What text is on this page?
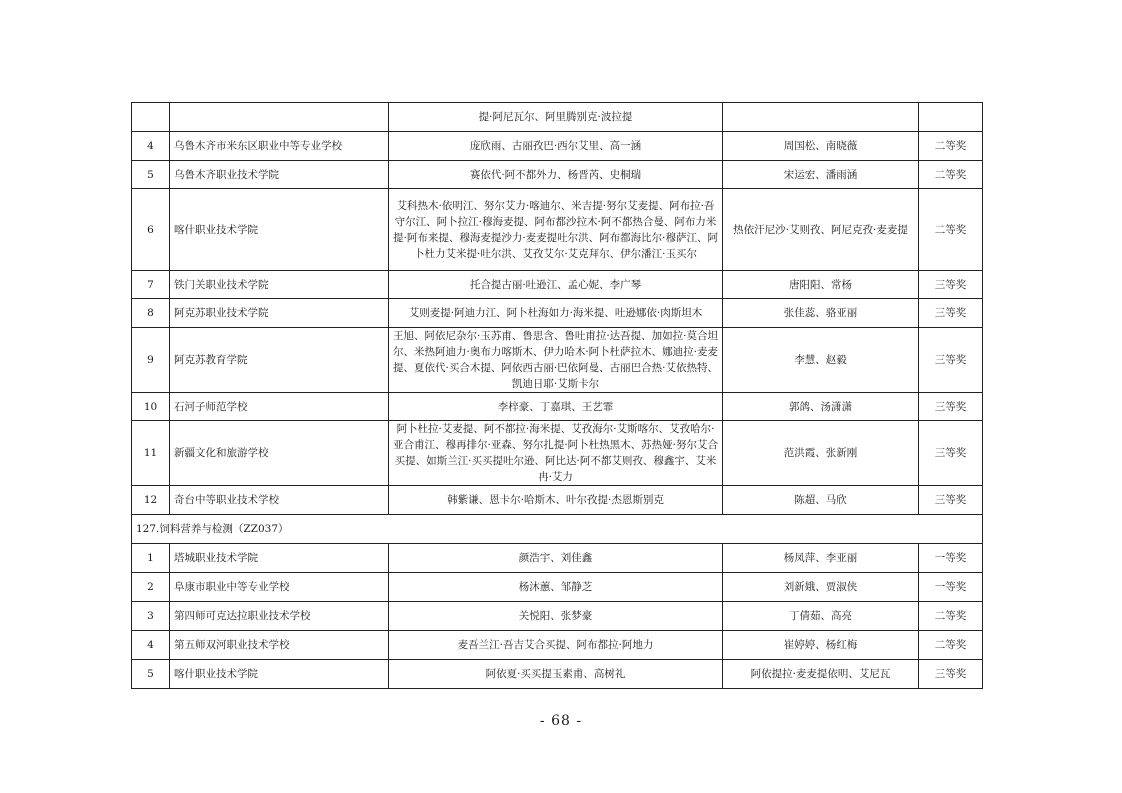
		提·阿尼瓦尔、阿里腾别克·波拉提		
4	乌鲁木齐市米东区职业中等专业学校	庞欣雨、古丽孜巴·西尔艾里、高一涵	周国松、南晓薇	二等奖
5	乌鲁木齐职业技术学院	赛依代·阿不都外力、杨晋芮、史桐瑞	宋运宏、潘雨涵	二等奖
6	喀什职业技术学院	艾科热木·依明江、努尔艾力·喀迪尔、米吉提·努尔艾麦提、阿布拉·吾守尔江、阿卜拉江·穆海麦提、阿布都沙拉木·阿不都热合曼、阿布力米提·阿布来提、穆海麦提沙力·麦麦提吐尔洪、阿布都海比尔·穆萨江、阿卜杜力艾米提·吐尔洪、艾孜艾尔·艾克拜尔、伊尔潘江·玉买尔	热依汗尼沙·艾则孜、阿尼克孜·麦麦提	二等奖
7	铁门关职业技术学院	托合提古丽·吐逊江、孟心妮、李广琴	唐阳阳、常杨	三等奖
8	阿克苏职业技术学院	艾则麦提·阿迪力江、阿卜杜海如力·海米提、吐逊娜依·肉斯坦木	张佳蕊、骆亚丽	三等奖
9	阿克苏教育学院	王旭、阿依尼杂尔·玉苏甫、鲁思含、鲁吐甫拉·达吾提、加如拉·莫合坦尔、米热阿迪力·奥布力喀斯木、伊力哈木·阿卜杜萨拉木、娜迪拉·麦麦提、夏依代·买合木提、阿依西古丽·巴依阿曼、古丽巴合热·艾依热特、凯迪日耶·艾斯卡尔	李慧、赵毅	三等奖
10	石河子师范学校	李梓豪、丁嘉琪、王艺霏	郭鸽、汤潇潇	三等奖
11	新疆文化和旅游学校	阿卜杜拉·艾麦提、阿不都拉·海米提、艾孜海尔·艾斯喀尔、艾孜哈尔·亚合甫江、穆再排尔·亚森、努尔扎提·阿卜杜热黑木、苏热娅·努尔艾合买提、如斯兰江·买买提吐尔逊、阿比达·阿不都艾则孜、穆鑫宇、艾米冉·艾力	范洪霞、张新刚	三等奖
12	奇台中等职业技术学校	韩紫谦、恩卡尔·哈斯木、叶尔孜提·杰恩斯别克	陈超、马欣	三等奖
127.饲料营养与检测（ZZ037）				
1	塔城职业技术学院	颜浩宇、刘佳鑫	杨凤萍、李亚丽	一等奖
2	阜康市职业中等专业学校	杨沐蕙、邹静芝	刘新娥、贾淑侠	一等奖
3	第四师可克达拉职业技术学校	关悦阳、张梦豪	丁倩茹、高亮	二等奖
4	第五师双河职业技术学校	麦吾兰江·吾吉艾合买提、阿布都拉·阿地力	崔婷婷、杨红梅	二等奖
5	喀什职业技术学院	阿依夏·买买提玉素甫、高树礼	阿依提拉·麦麦提依明、艾尼瓦	三等奖
- 68 -
